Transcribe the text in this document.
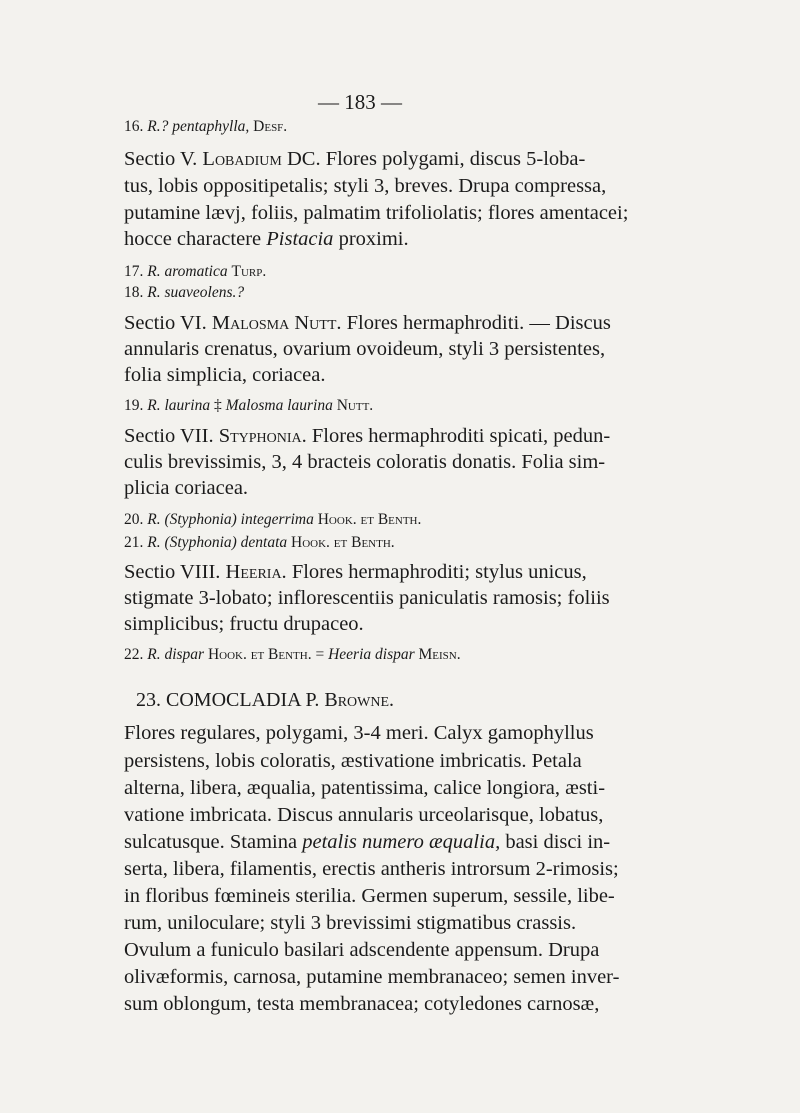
— 183 —
16. R.? pentaphylla, Desf.
Sectio V. Lobadium DC. Flores polygami, discus 5-loba-
tus, lobis oppositipetalis; styli 3, breves. Drupa compressa,
putamine lævj, foliis, palmatim trifoliolatis; flores amentacei;
hocce charactere Pistacia proximi.
17. R. aromatica Turp.
18. R. suaveolens.?
Sectio VI. Malosma Nutt. Flores hermaphroditi. — Discus
annularis crenatus, ovarium ovoideum, styli 3 persistentes,
folia simplicia, coriacea.
19. R. laurina ‡ Malosma laurina Nutt.
Sectio VII. Styphonia. Flores hermaphroditi spicati, pedun-
culis brevissimis, 3, 4 bracteis coloratis donatis. Folia sim-
plicia coriacea.
20. R. (Styphonia) integerrima Hook. et Benth.
21. R. (Styphonia) dentata Hook. et Benth.
Sectio VIII. Heeria. Flores hermaphroditi; stylus unicus,
stigmate 3-lobato; inflorescentiis paniculatis ramosis; foliis
simplicibus; fructu drupaceo.
22. R. dispar Hook. et Benth. = Heeria dispar Meisn.
23. COMOCLADIA P. Browne.
Flores regulares, polygami, 3-4 meri. Calyx gamophyllus
persistens, lobis coloratis, æstivatione imbricatis. Petala
alterna, libera, æqualia, patentissima, calice longiora, æsti-
vatione imbricata. Discus annularis urceolarisque, lobatus,
sulcatusque. Stamina petalis numero æqualia, basi disci in-
serta, libera, filamentis, erectis antheris introrsum 2-rimosis;
in floribus fœmineis sterilia. Germen superum, sessile, libe-
rum, uniloculare; styli 3 brevissimi stigmatibus crassis.
Ovulum a funiculo basilari adscendente appensum. Drupa
olivæformis, carnosa, putamine membranaceo; semen inver-
sum oblongum, testa membranacea; cotyledones carnosæ,
